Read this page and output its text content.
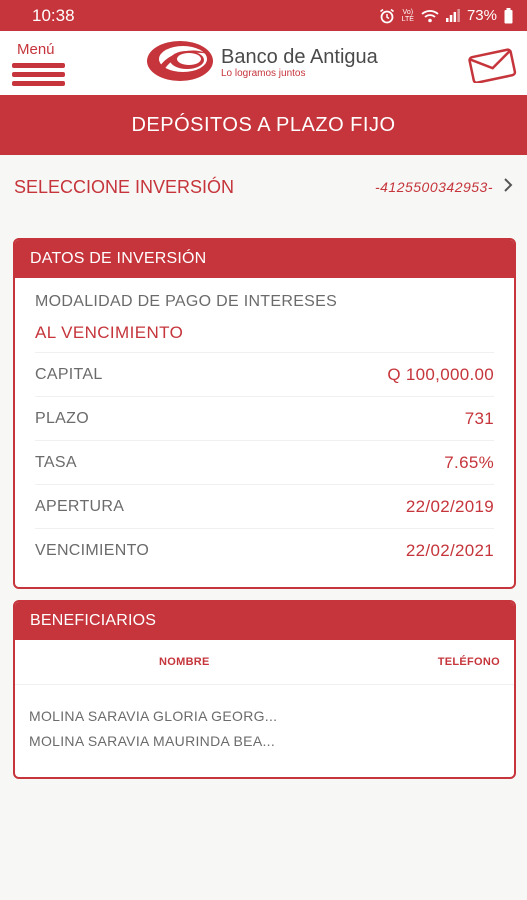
10:38	Vo)
LTE	73%
Menú	Banco de Antigua
Lo logramos juntos
DEPÓSITOS A PLAZO FIJO
SELECCIONE INVERSIÓN	-4125500342953-
DATOS DE INVERSIÓN
MODALIDAD DE PAGO DE INTERESES
AL VENCIMIENTO
CAPITAL	Q 100,000.00
PLAZO	731
TASA	7.65%
APERTURA	22/02/2019
VENCIMIENTO	22/02/2021
BENEFICIARIOS
NOMBRE	TELÉFONO
MOLINA SARAVIA GLORIA GEORG...
MOLINA SARAVIA MAURINDA BEA...
